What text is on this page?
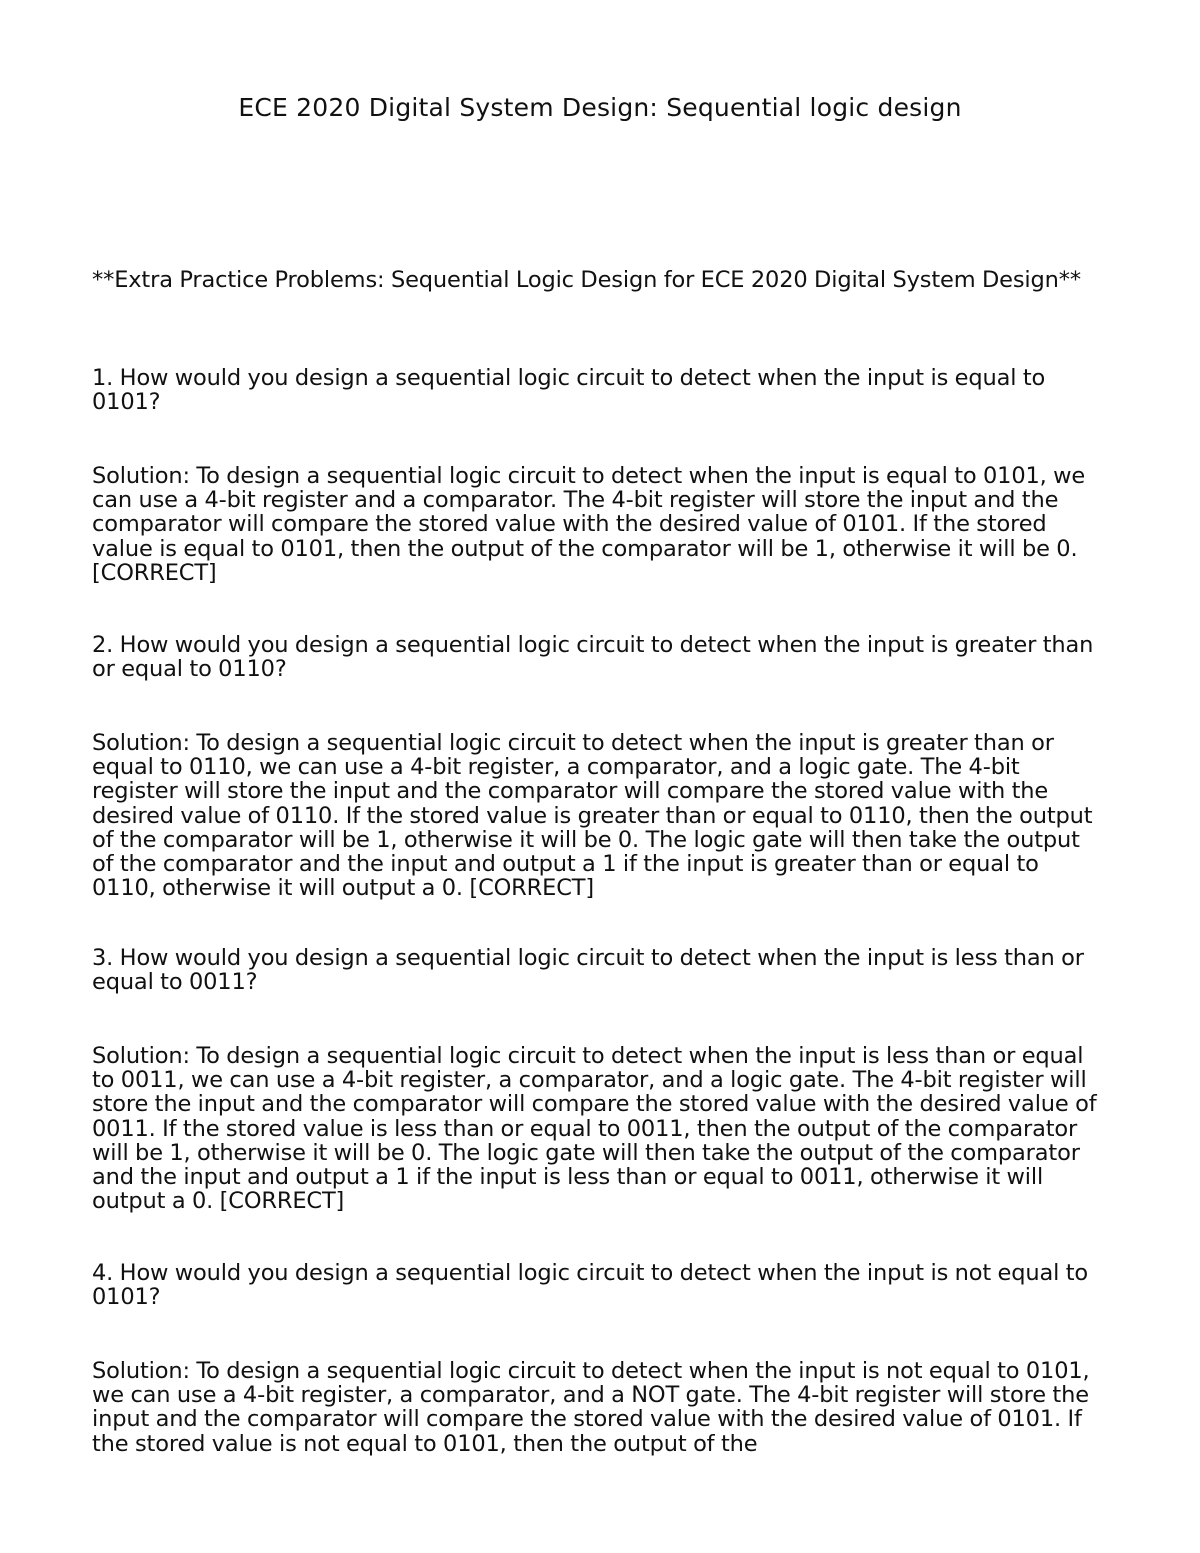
ECE 2020 Digital System Design: Sequential logic design

**Extra Practice Problems: Sequential Logic Design for ECE 2020 Digital System Design**

1. How would you design a sequential logic circuit to detect when the input is equal to 0101?

Solution: To design a sequential logic circuit to detect when the input is equal to 0101, we can use a 4-bit register and a comparator. The 4-bit register will store the input and the comparator will compare the stored value with the desired value of 0101. If the stored value is equal to 0101, then the output of the comparator will be 1, otherwise it will be 0. [CORRECT]

2. How would you design a sequential logic circuit to detect when the input is greater than or equal to 0110?

Solution: To design a sequential logic circuit to detect when the input is greater than or equal to 0110, we can use a 4-bit register, a comparator, and a logic gate. The 4-bit register will store the input and the comparator will compare the stored value with the desired value of 0110. If the stored value is greater than or equal to 0110, then the output of the comparator will be 1, otherwise it will be 0. The logic gate will then take the output of the comparator and the input and output a 1 if the input is greater than or equal to 0110, otherwise it will output a 0. [CORRECT]

3. How would you design a sequential logic circuit to detect when the input is less than or equal to 0011?

Solution: To design a sequential logic circuit to detect when the input is less than or equal to 0011, we can use a 4-bit register, a comparator, and a logic gate. The 4-bit register will store the input and the comparator will compare the stored value with the desired value of 0011. If the stored value is less than or equal to 0011, then the output of the comparator will be 1, otherwise it will be 0. The logic gate will then take the output of the comparator and the input and output a 1 if the input is less than or equal to 0011, otherwise it will output a 0. [CORRECT]

4. How would you design a sequential logic circuit to detect when the input is not equal to 0101?

Solution: To design a sequential logic circuit to detect when the input is not equal to 0101, we can use a 4-bit register, a comparator, and a NOT gate. The 4-bit register will store the input and the comparator will compare the stored value with the desired value of 0101. If the stored value is not equal to 0101, then the output of the
